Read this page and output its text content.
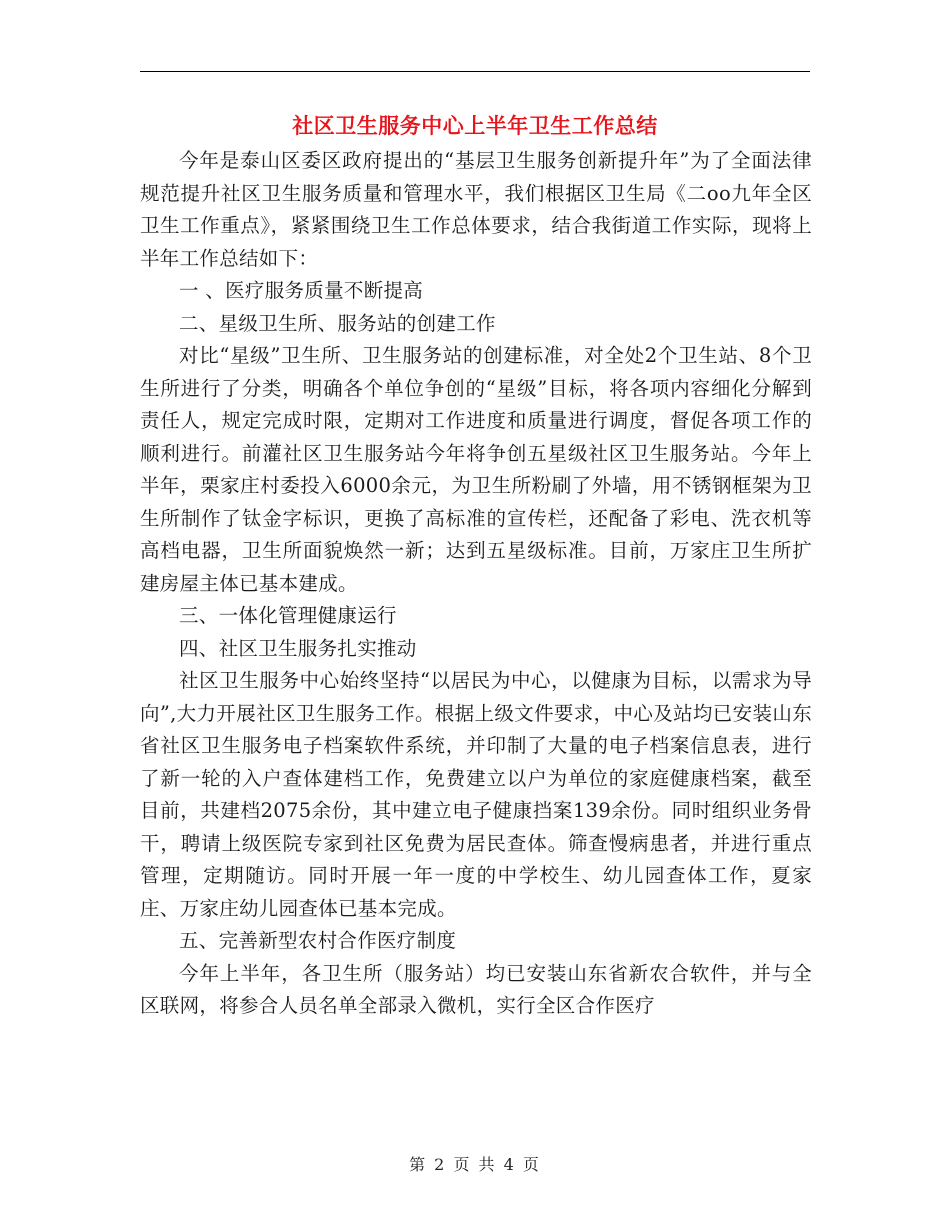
社区卫生服务中心上半年卫生工作总结

今年是泰山区委区政府提出的“基层卫生服务创新提升年”为了全面法律规范提升社区卫生服务质量和管理水平，我们根据区卫生局《二oo九年全区卫生工作重点》，紧紧围绕卫生工作总体要求，结合我街道工作实际，现将上半年工作总结如下：

一 、医疗服务质量不断提高

二、星级卫生所、服务站的创建工作

对比“星级”卫生所、卫生服务站的创建标准，对全处2个卫生站、8个卫生所进行了分类，明确各个单位争创的“星级”目标，将各项内容细化分解到责任人，规定完成时限，定期对工作进度和质量进行调度，督促各项工作的顺利进行。前灌社区卫生服务站今年将争创五星级社区卫生服务站。今年上半年，栗家庄村委投入6000余元，为卫生所粉刷了外墙，用不锈钢框架为卫生所制作了钛金字标识，更换了高标准的宣传栏，还配备了彩电、洗衣机等高档电器，卫生所面貌焕然一新；达到五星级标准。目前，万家庄卫生所扩建房屋主体已基本建成。

三、一体化管理健康运行

四、社区卫生服务扎实推动

社区卫生服务中心始终坚持“以居民为中心，以健康为目标，以需求为导向”,大力开展社区卫生服务工作。根据上级文件要求，中心及站均已安装山东省社区卫生服务电子档案软件系统，并印制了大量的电子档案信息表，进行了新一轮的入户查体建档工作，免费建立以户为单位的家庭健康档案，截至目前，共建档2075余份，其中建立电子健康挡案139余份。同时组织业务骨干，聘请上级医院专家到社区免费为居民查体。筛查慢病患者，并进行重点管理，定期随访。同时开展一年一度的中学校生、幼儿园查体工作，夏家庄、万家庄幼儿园查体已基本完成。

五、完善新型农村合作医疗制度

今年上半年，各卫生所（服务站）均已安装山东省新农合软件，并与全区联网，将参合人员名单全部录入微机，实行全区合作医疗

第 2 页 共 4 页
